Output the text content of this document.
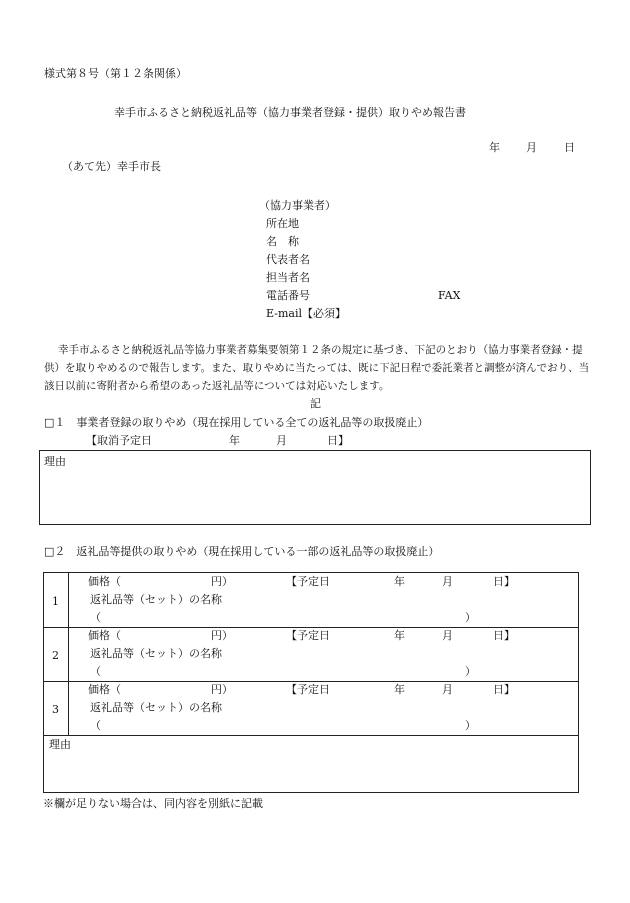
様式第８号（第１２条関係）
幸手市ふるさと納税返礼品等（協力事業者登録・提供）取りやめ報告書
年 月 日
（あて先）幸手市長
（協力事業者）
所在地
名　称
代表者名
担当者名
電話番号	FAX
E-mail【必須】
幸手市ふるさと納税返礼品等協力事業者募集要領第１２条の規定に基づき、下記のとおり（協力事業者登録・提供）を取りやめるので報告します。また、取りやめに当たっては、既に下記日程で委託業者と調整が済んでおり、当該日以前に寄附者から希望のあった返礼品等については対応いたします。
記
□１　事業者登録の取りやめ（現在採用している全ての返礼品等の取扱廃止）
【取消予定日	年	月	日】
理由
□２　返礼品等提供の取りやめ（現在採用している一部の返礼品等の取扱廃止）
1
価格（	円）	【予定日	年	月	日】
返礼品等（セット）の名称
（	）
2
価格（	円）	【予定日	年	月	日】
返礼品等（セット）の名称
（	）
3
価格（	円）	【予定日	年	月	日】
返礼品等（セット）の名称
（	）
理由
※欄が足りない場合は、同内容を別紙に記載
